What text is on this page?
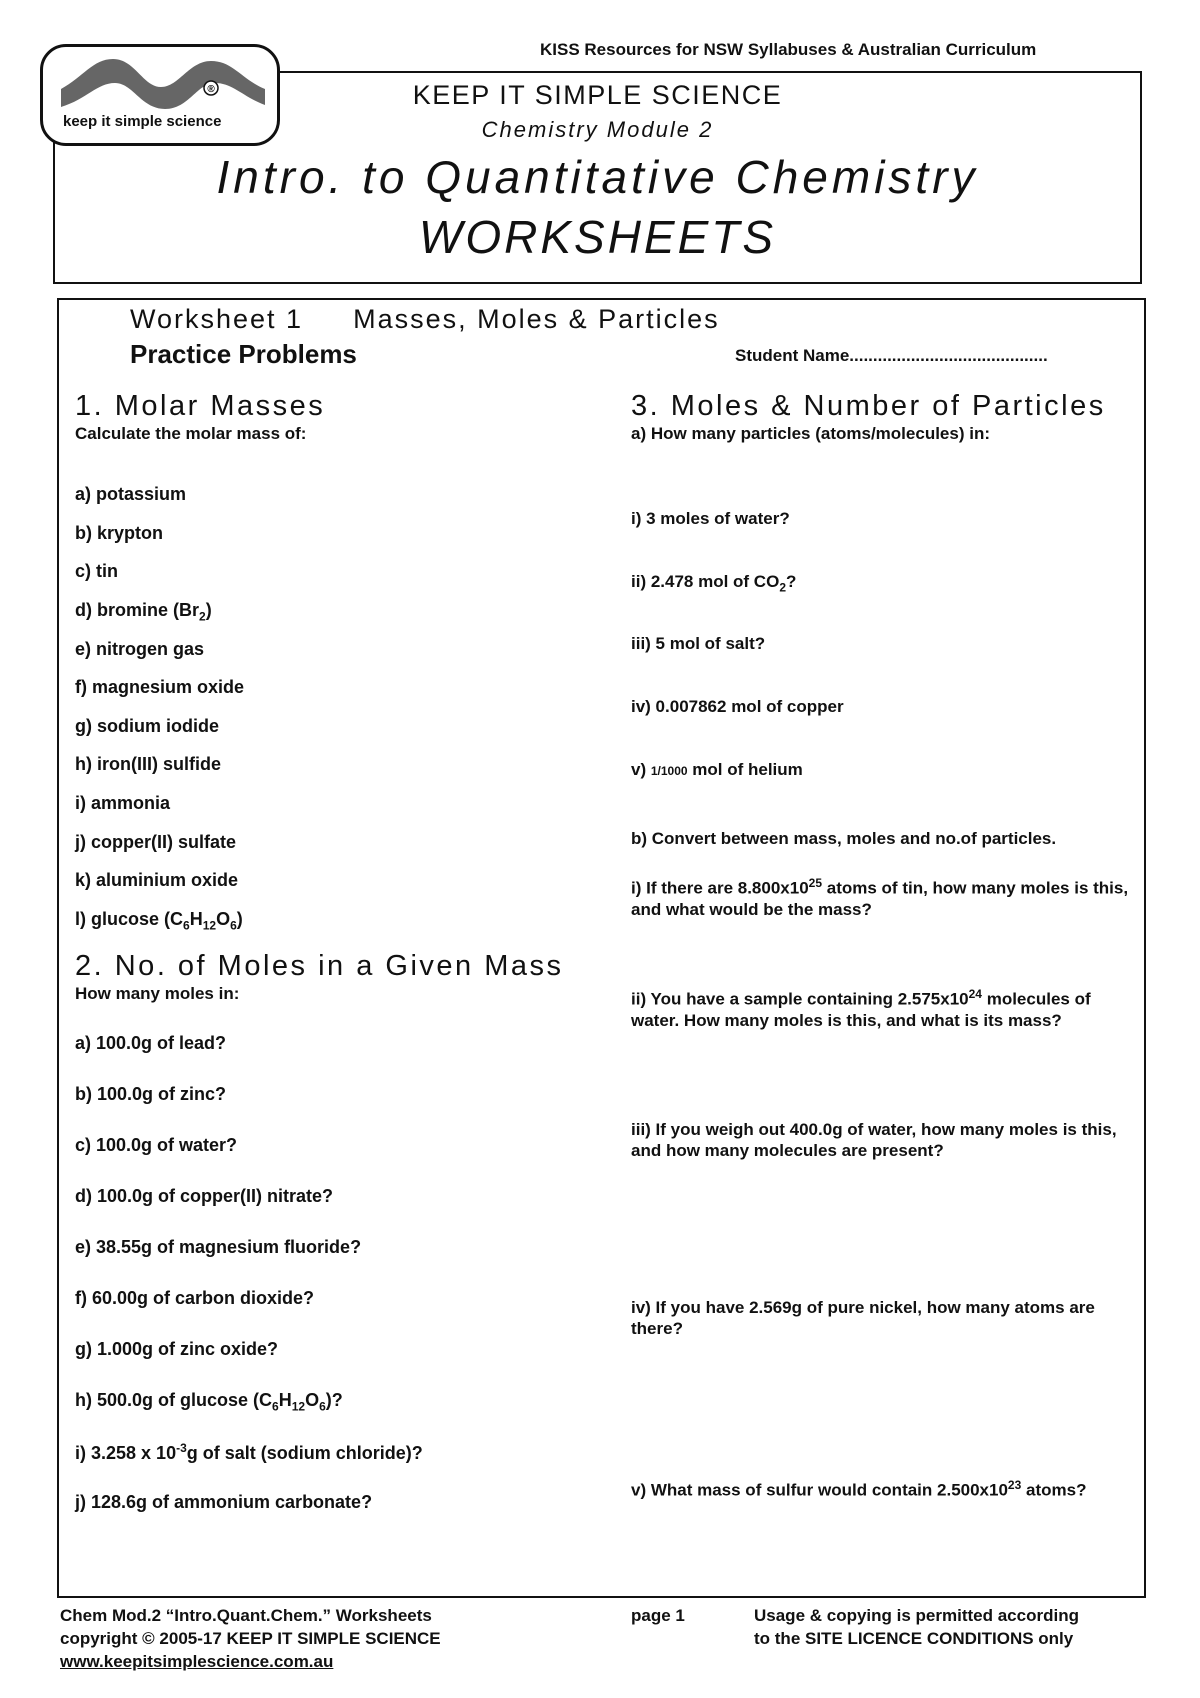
KISS Resources for NSW Syllabuses & Australian Curriculum
KEEP IT SIMPLE SCIENCE
Chemistry Module 2
Intro. to Quantitative Chemistry
WORKSHEETS
®
keep it simple science
Worksheet 1 Masses, Moles & Particles
Practice Problems	Student Name..........................................
1. Molar Masses
Calculate the molar mass of:
a) potassium
b) krypton
c) tin
d) bromine $(Br_2)$
e) nitrogen gas
f) magnesium oxide
g) sodium iodide
h) iron(III) sulfide
i) ammonia
j) copper(II) sulfate
k) aluminium oxide
l) glucose $(C_6H_{12}O_6)$
2. No. of Moles in a Given Mass
How many moles in:
a) 100.0g of lead?
b) 100.0g of zinc?
c) 100.0g of water?
d) 100.0g of copper(II) nitrate?
e) 38.55g of magnesium fluoride?
f) 60.00g of carbon dioxide?
g) 1.000g of zinc oxide?
h) 500.0g of glucose $(C_6H_{12}O_6)$?
i) 3.258 x $10^{-3}g$ of salt (sodium chloride)?
j) 128.6g of ammonium carbonate?
3. Moles & Number of Particles
a) How many particles (atoms/molecules) in:
i) 3 moles of water?
ii) 2.478 mol of $CO_2$?
iii) 5 mol of salt?
iv) 0.007862 mol of copper
v) 1/1000 mol of helium
b) Convert between mass, moles and no.of particles.
i) If there are $8.800x10^{25}$ atoms of tin, how many moles is this, and what would be the mass?
ii) You have a sample containing $2.575x10^{24}$ molecules of water. How many moles is this, and what is its mass?
iii) If you weigh out 400.0g of water, how many moles is this, and how many molecules are present?
iv) If you have 2.569g of pure nickel, how many atoms are there?
v) What mass of sulfur would contain $2.500x10^{23}$ atoms?
Chem Mod.2 “Intro.Quant.Chem.” Worksheets
copyright © 2005-17 KEEP IT SIMPLE SCIENCE
www.keepitsimplescience.com.au
page 1	Usage & copying is permitted according
to the SITE LICENCE CONDITIONS only
